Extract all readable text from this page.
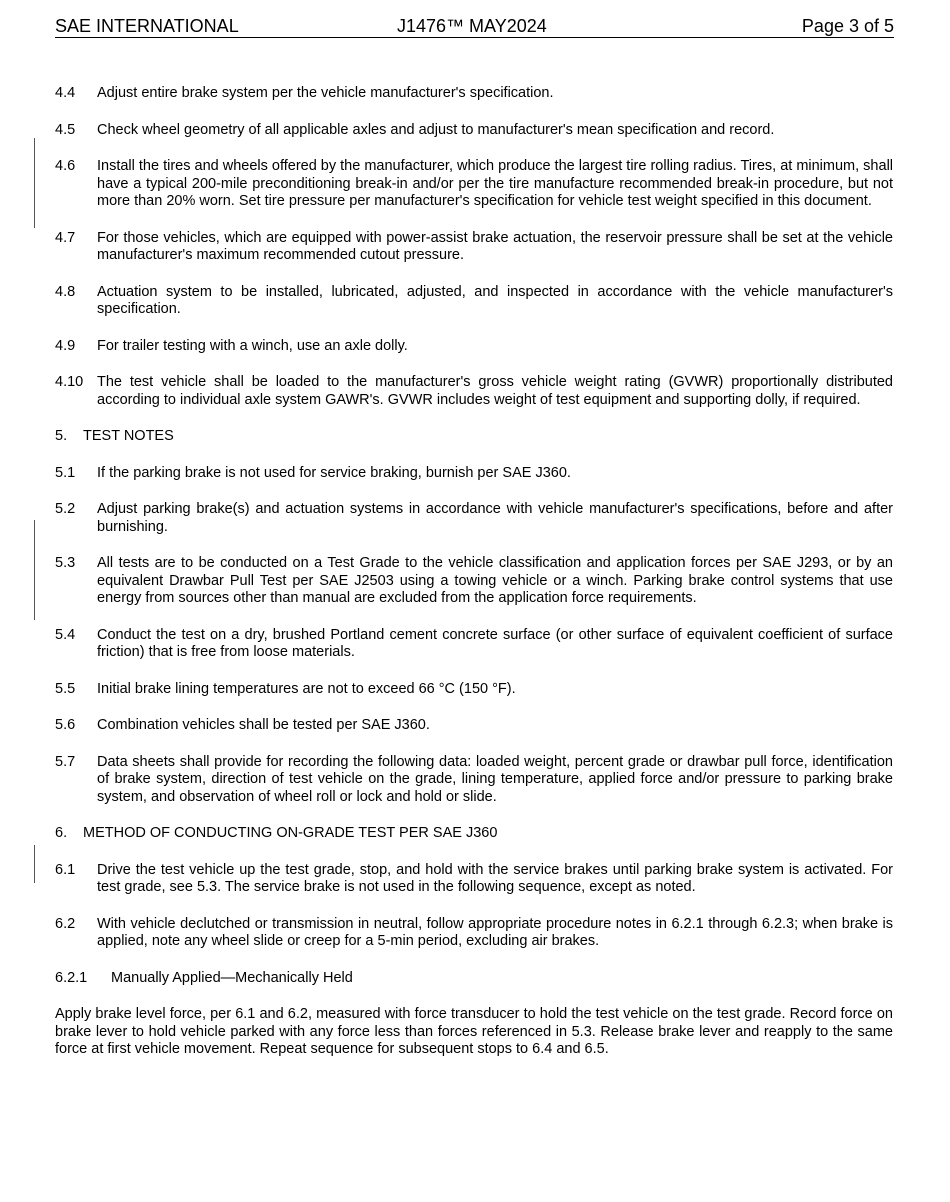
SAE INTERNATIONAL	J1476™ MAY2024	Page 3 of 5
4.4 Adjust entire brake system per the vehicle manufacturer's specification.
4.5 Check wheel geometry of all applicable axles and adjust to manufacturer's mean specification and record.
4.6 Install the tires and wheels offered by the manufacturer, which produce the largest tire rolling radius. Tires, at minimum, shall have a typical 200-mile preconditioning break-in and/or per the tire manufacture recommended break-in procedure, but not more than 20% worn. Set tire pressure per manufacturer's specification for vehicle test weight specified in this document.
4.7 For those vehicles, which are equipped with power-assist brake actuation, the reservoir pressure shall be set at the vehicle manufacturer's maximum recommended cutout pressure.
4.8 Actuation system to be installed, lubricated, adjusted, and inspected in accordance with the vehicle manufacturer's specification.
4.9 For trailer testing with a winch, use an axle dolly.
4.10 The test vehicle shall be loaded to the manufacturer's gross vehicle weight rating (GVWR) proportionally distributed according to individual axle system GAWR's. GVWR includes weight of test equipment and supporting dolly, if required.
5. TEST NOTES
5.1 If the parking brake is not used for service braking, burnish per SAE J360.
5.2 Adjust parking brake(s) and actuation systems in accordance with vehicle manufacturer's specifications, before and after burnishing.
5.3 All tests are to be conducted on a Test Grade to the vehicle classification and application forces per SAE J293, or by an equivalent Drawbar Pull Test per SAE J2503 using a towing vehicle or a winch. Parking brake control systems that use energy from sources other than manual are excluded from the application force requirements.
5.4 Conduct the test on a dry, brushed Portland cement concrete surface (or other surface of equivalent coefficient of surface friction) that is free from loose materials.
5.5 Initial brake lining temperatures are not to exceed 66 °C (150 °F).
5.6 Combination vehicles shall be tested per SAE J360.
5.7 Data sheets shall provide for recording the following data: loaded weight, percent grade or drawbar pull force, identification of brake system, direction of test vehicle on the grade, lining temperature, applied force and/or pressure to parking brake system, and observation of wheel roll or lock and hold or slide.
6. METHOD OF CONDUCTING ON-GRADE TEST PER SAE J360
6.1 Drive the test vehicle up the test grade, stop, and hold with the service brakes until parking brake system is activated. For test grade, see 5.3. The service brake is not used in the following sequence, except as noted.
6.2 With vehicle declutched or transmission in neutral, follow appropriate procedure notes in 6.2.1 through 6.2.3; when brake is applied, note any wheel slide or creep for a 5-min period, excluding air brakes.
6.2.1 Manually Applied—Mechanically Held

Apply brake level force, per 6.1 and 6.2, measured with force transducer to hold the test vehicle on the test grade. Record force on brake lever to hold vehicle parked with any force less than forces referenced in 5.3. Release brake lever and reapply to the same force at first vehicle movement. Repeat sequence for subsequent stops to 6.4 and 6.5.
